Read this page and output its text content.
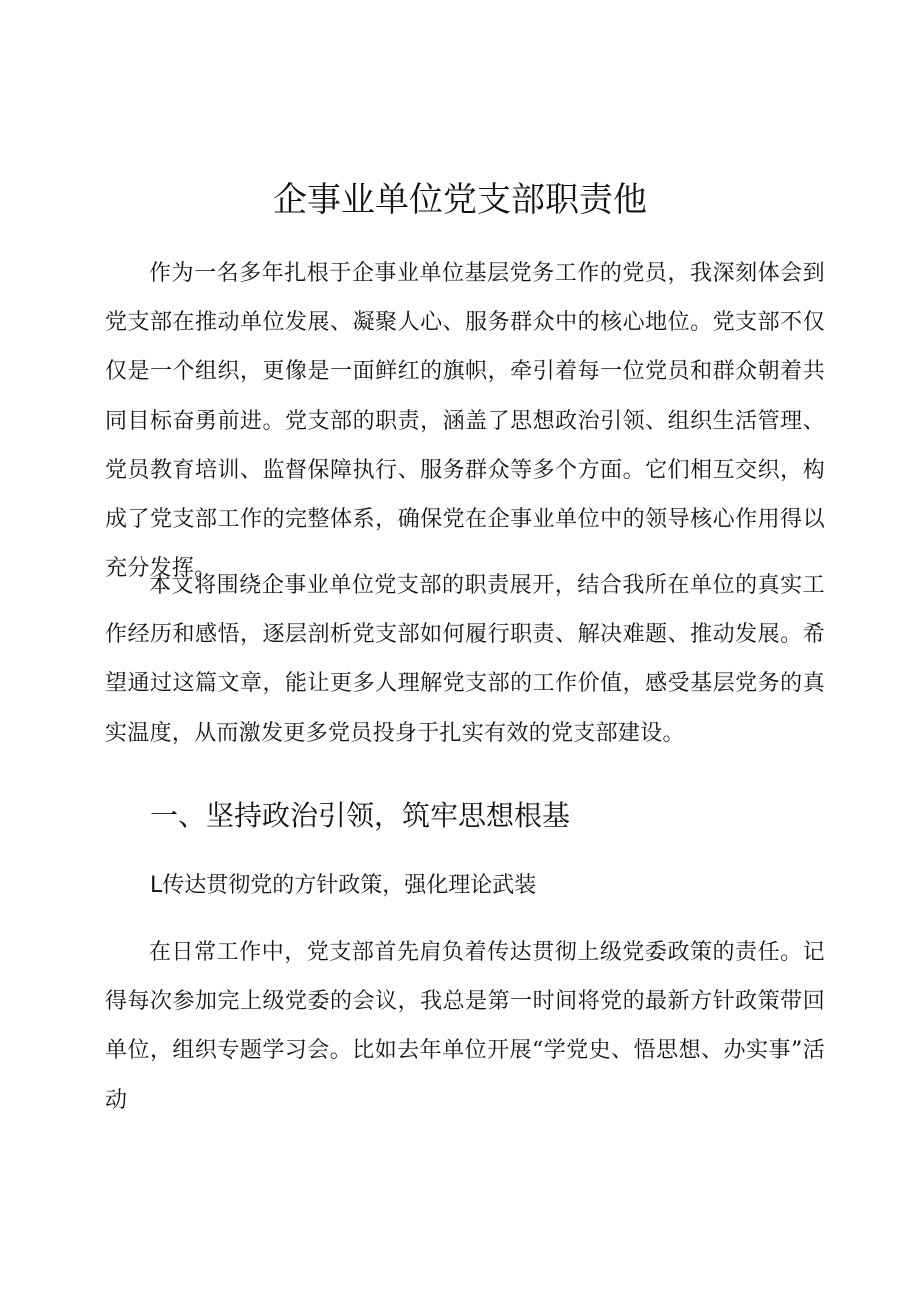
企事业单位党支部职责他

作为一名多年扎根于企事业单位基层党务工作的党员，我深刻体会到党支部在推动单位发展、凝聚人心、服务群众中的核心地位。党支部不仅仅是一个组织，更像是一面鲜红的旗帜，牵引着每一位党员和群众朝着共同目标奋勇前进。党支部的职责，涵盖了思想政治引领、组织生活管理、党员教育培训、监督保障执行、服务群众等多个方面。它们相互交织，构成了党支部工作的完整体系，确保党在企事业单位中的领导核心作用得以充分发挥。

本文将围绕企事业单位党支部的职责展开，结合我所在单位的真实工作经历和感悟，逐层剖析党支部如何履行职责、解决难题、推动发展。希望通过这篇文章，能让更多人理解党支部的工作价值，感受基层党务的真实温度，从而激发更多党员投身于扎实有效的党支部建设。

一、坚持政治引领，筑牢思想根基
L传达贯彻党的方针政策，强化理论武装

在日常工作中，党支部首先肩负着传达贯彻上级党委政策的责任。记得每次参加完上级党委的会议，我总是第一时间将党的最新方针政策带回单位，组织专题学习会。比如去年单位开展“学党史、悟思想、办实事”活动
